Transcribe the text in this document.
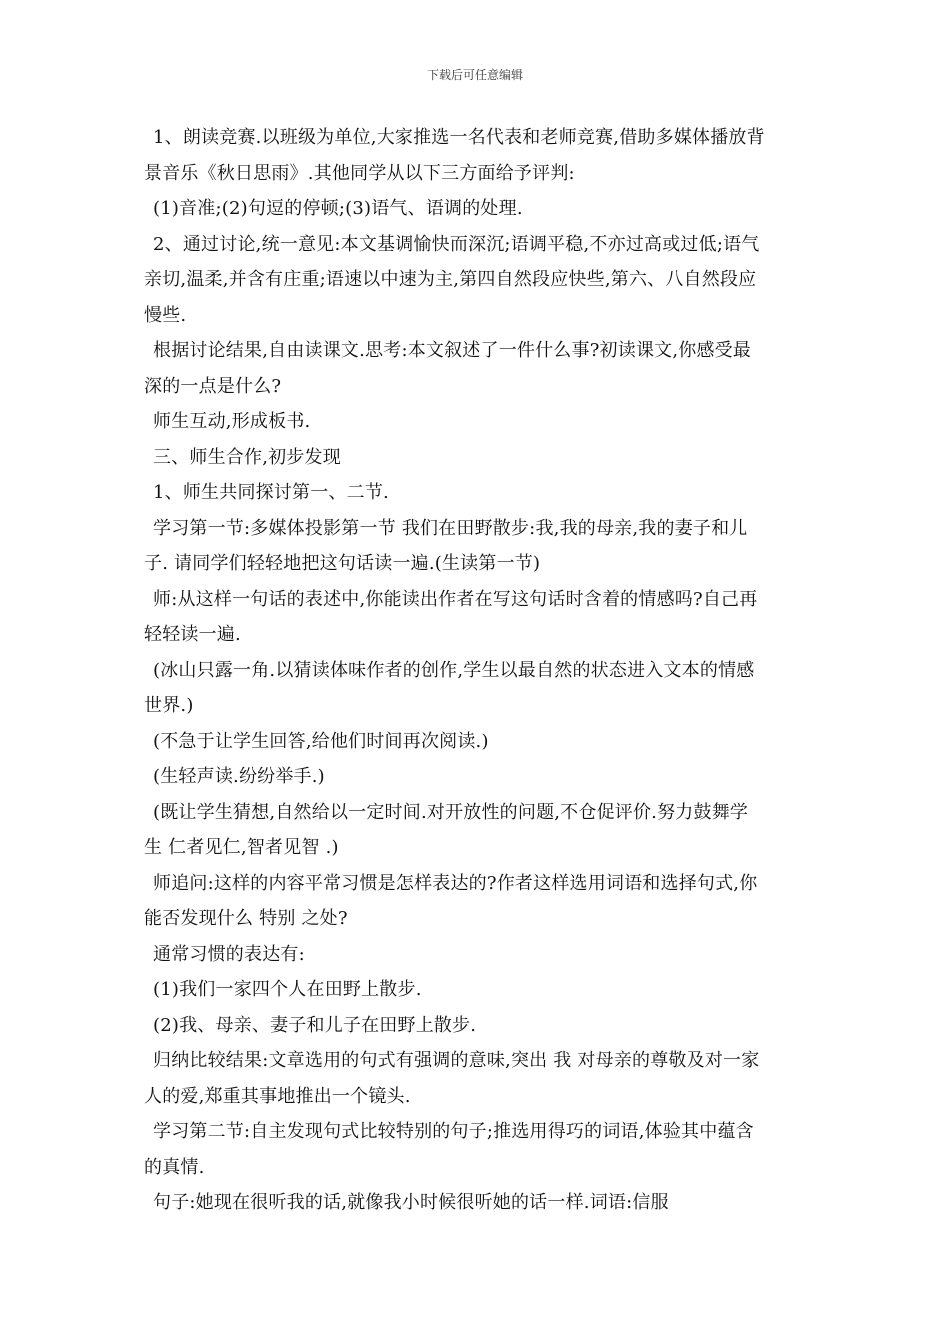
下载后可任意编辑
1、朗读竞赛.以班级为单位,大家推选一名代表和老师竞赛,借助多媒体播放背
景音乐《秋日思雨》.其他同学从以下三方面给予评判:
(1)音准;(2)句逗的停顿;(3)语气、语调的处理.
2、通过讨论,统一意见:本文基调愉快而深沉;语调平稳,不亦过高或过低;语气
亲切,温柔,并含有庄重;语速以中速为主,第四自然段应快些,第六、八自然段应
慢些.
根据讨论结果,自由读课文.思考:本文叙述了一件什么事?初读课文,你感受最
深的一点是什么?
师生互动,形成板书.
三、师生合作,初步发现
1、师生共同探讨第一、二节.
学习第一节:多媒体投影第一节 我们在田野散步:我,我的母亲,我的妻子和儿
子. 请同学们轻轻地把这句话读一遍.(生读第一节)
师:从这样一句话的表述中,你能读出作者在写这句话时含着的情感吗?自己再
轻轻读一遍.
(冰山只露一角.以猜读体味作者的创作,学生以最自然的状态进入文本的情感
世界.)
(不急于让学生回答,给他们时间再次阅读.)
(生轻声读.纷纷举手.)
(既让学生猜想,自然给以一定时间.对开放性的问题,不仓促评价.努力鼓舞学
生 仁者见仁,智者见智 .)
师追问:这样的内容平常习惯是怎样表达的?作者这样选用词语和选择句式,你
能否发现什么 特别 之处?
通常习惯的表达有:
(1)我们一家四个人在田野上散步.
(2)我、母亲、妻子和儿子在田野上散步.
归纳比较结果:文章选用的句式有强调的意味,突出 我 对母亲的尊敬及对一家
人的爱,郑重其事地推出一个镜头.
学习第二节:自主发现句式比较特别的句子;推选用得巧的词语,体验其中蕴含
的真情.
句子:她现在很听我的话,就像我小时候很听她的话一样.词语:信服
